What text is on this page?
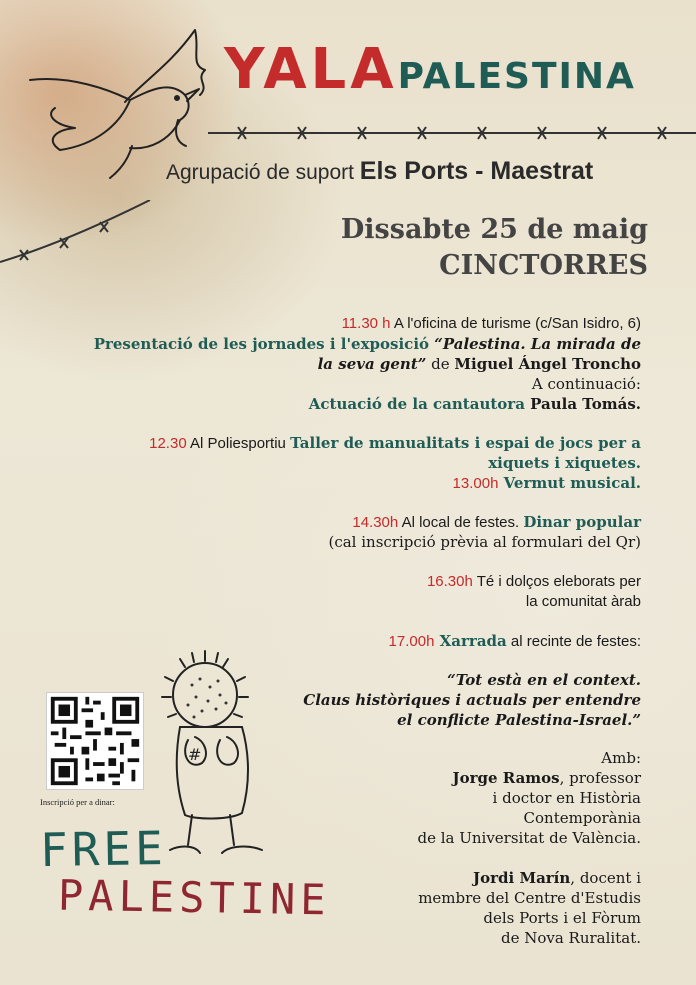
YALAPALESTINA
Agrupació de suport Els Ports - Maestrat
Dissabte 25 de maig
CINCTORRES
11.30 h A l'oficina de turisme (c/San Isidro, 6)
Presentació de les jornades i l'exposició “Palestina. La mirada de
la seva gent” de Miguel Ángel Troncho
A continuació:
Actuació de la cantautora Paula Tomás.
12.30 Al Poliesportiu Taller de manualitats i espai de jocs per a
xiquets i xiquetes.
13.00h Vermut musical.
14.30h Al local de festes. Dinar popular
(cal inscripció prèvia al formulari del Qr)
16.30h Té i dolços eleborats per
la comunitat àrab
17.00h Xarrada al recinte de festes:
“Tot està en el context.
Claus històriques i actuals per entendre
el conflicte Palestina-Israel.”
Amb:
Jorge Ramos, professor
i doctor en Història
Contemporània
de la Universitat de València.
Jordi Marín, docent i
membre del Centre d'Estudis
dels Ports i el Fòrum
de Nova Ruralitat.
Inscripció per a dinar:
#
FREE
PALESTINE
